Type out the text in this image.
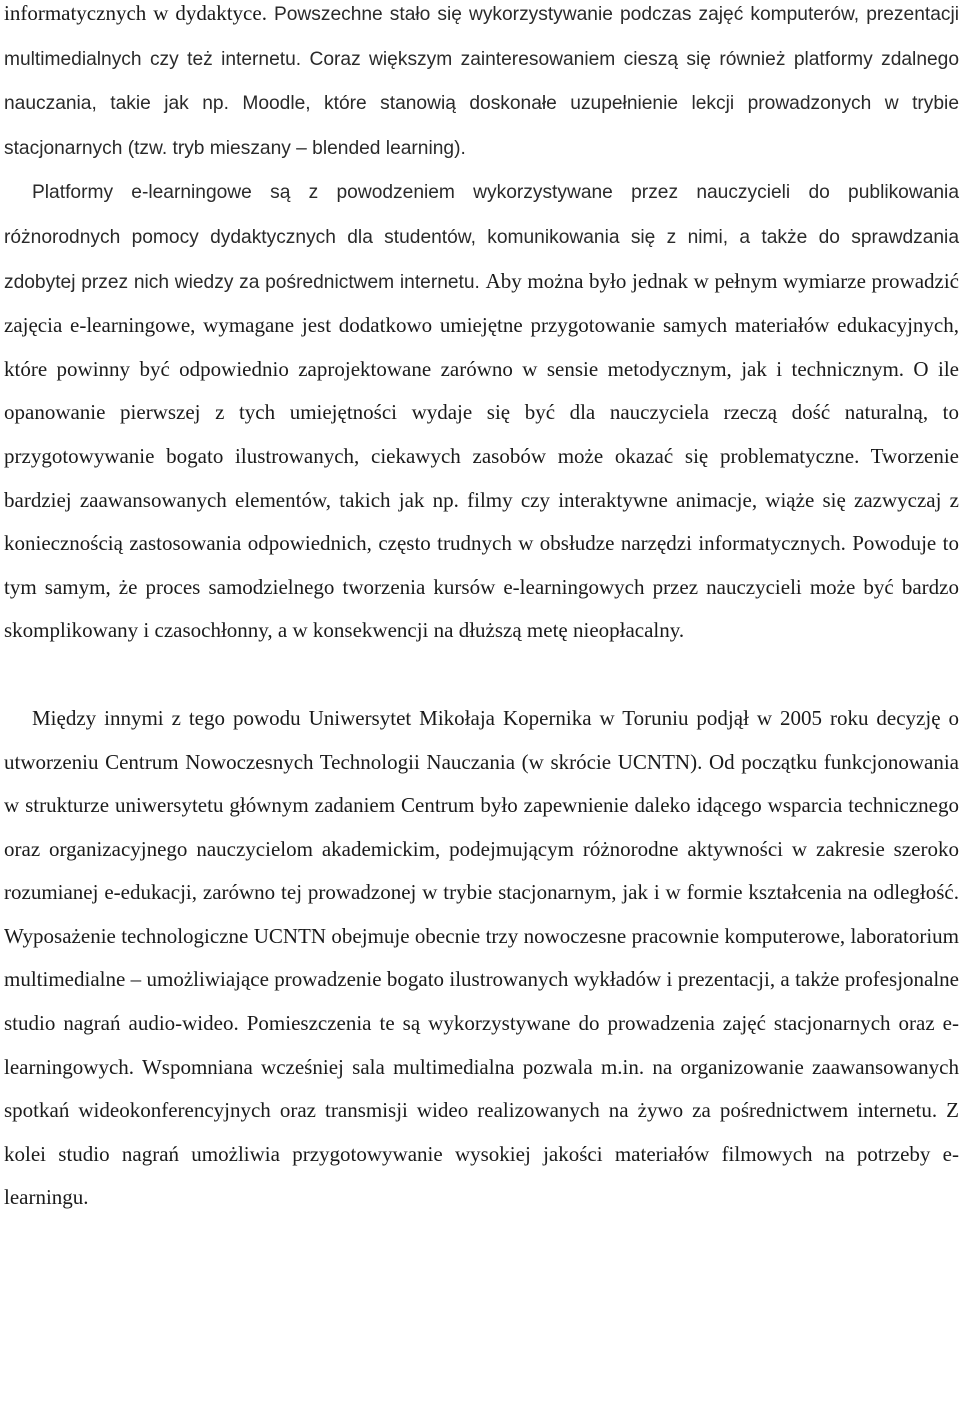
informatycznych w dydaktyce. Powszechne stało się wykorzystywanie podczas zajęć komputerów, prezentacji multimedialnych czy też internetu. Coraz większym zainteresowaniem cieszą się również platformy zdalnego nauczania, takie jak np. Moodle, które stanowią doskonałe uzupełnienie lekcji prowadzonych w trybie stacjonarnych (tzw. tryb mieszany – blended learning).

Platformy e-learningowe są z powodzeniem wykorzystywane przez nauczycieli do publikowania różnorodnych pomocy dydaktycznych dla studentów, komunikowania się z nimi, a także do sprawdzania zdobytej przez nich wiedzy za pośrednictwem internetu. Aby można było jednak w pełnym wymiarze prowadzić zajęcia e-learningowe, wymagane jest dodatkowo umiejętne przygotowanie samych materiałów edukacyjnych, które powinny być odpowiednio zaprojektowane zarówno w sensie metodycznym, jak i technicznym. O ile opanowanie pierwszej z tych umiejętności wydaje się być dla nauczyciela rzeczą dość naturalną, to przygotowywanie bogato ilustrowanych, ciekawych zasobów może okazać się problematyczne. Tworzenie bardziej zaawansowanych elementów, takich jak np. filmy czy interaktywne animacje, wiąże się zazwyczaj z koniecznością zastosowania odpowiednich, często trudnych w obsłudze narzędzi informatycznych. Powoduje to tym samym, że proces samodzielnego tworzenia kursów e-learningowych przez nauczycieli może być bardzo skomplikowany i czasochłonny, a w konsekwencji na dłuższą metę nieopłacalny.

Między innymi z tego powodu Uniwersytet Mikołaja Kopernika w Toruniu podjął w 2005 roku decyzję o utworzeniu Centrum Nowoczesnych Technologii Nauczania (w skrócie UCNTN). Od początku funkcjonowania w strukturze uniwersytetu głównym zadaniem Centrum było zapewnienie daleko idącego wsparcia technicznego oraz organizacyjnego nauczycielom akademickim, podejmującym różnorodne aktywności w zakresie szeroko rozumianej e-edukacji, zarówno tej prowadzonej w trybie stacjonarnym, jak i w formie kształcenia na odległość. Wyposażenie technologiczne UCNTN obejmuje obecnie trzy nowoczesne pracownie komputerowe, laboratorium multimedialne – umożliwiające prowadzenie bogato ilustrowanych wykładów i prezentacji, a także profesjonalne studio nagrań audio-wideo. Pomieszczenia te są wykorzystywane do prowadzenia zajęć stacjonarnych oraz e-learningowych. Wspomniana wcześniej sala multimedialna pozwala m.in. na organizowanie zaawansowanych spotkań wideokonferencyjnych oraz transmisji wideo realizowanych na żywo za pośrednictwem internetu. Z kolei studio nagrań umożliwia przygotowywanie wysokiej jakości materiałów filmowych na potrzeby e-learningu.
